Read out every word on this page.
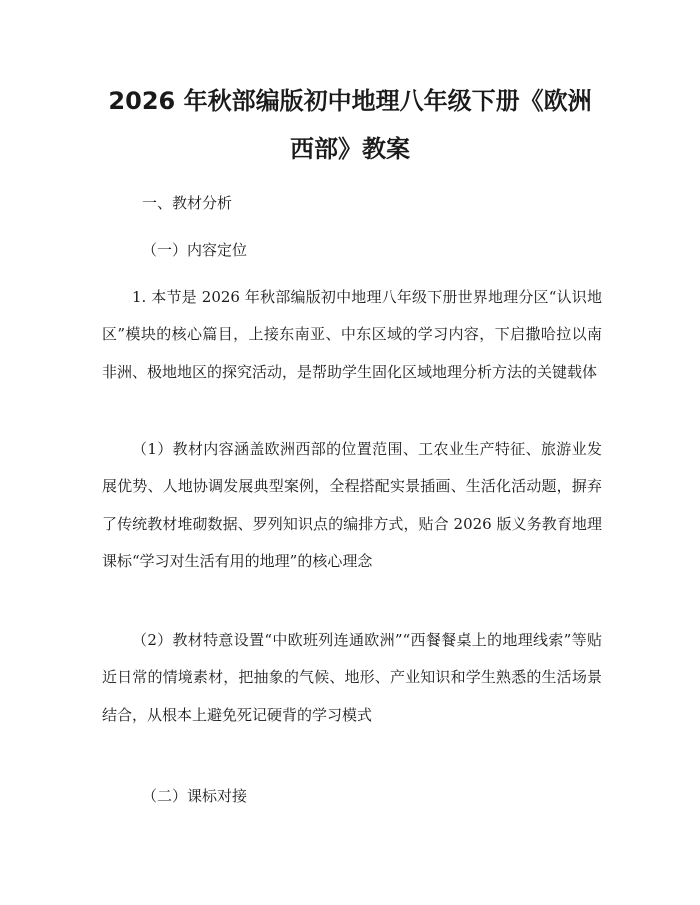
2026 年秋部编版初中地理八年级下册《欧洲
西部》教案

一、教材分析

（一）内容定位

1. 本节是 2026 年秋部编版初中地理八年级下册世界地理分区“认识地区”模块的核心篇目，上接东南亚、中东区域的学习内容，下启撒哈拉以南非洲、极地地区的探究活动，是帮助学生固化区域地理分析方法的关键载体

（1）教材内容涵盖欧洲西部的位置范围、工农业生产特征、旅游业发展优势、人地协调发展典型案例，全程搭配实景插画、生活化活动题，摒弃了传统教材堆砌数据、罗列知识点的编排方式，贴合 2026 版义务教育地理课标“学习对生活有用的地理”的核心理念

（2）教材特意设置“中欧班列连通欧洲”“西餐餐桌上的地理线索”等贴近日常的情境素材，把抽象的气候、地形、产业知识和学生熟悉的生活场景结合，从根本上避免死记硬背的学习模式

（二）课标对接
